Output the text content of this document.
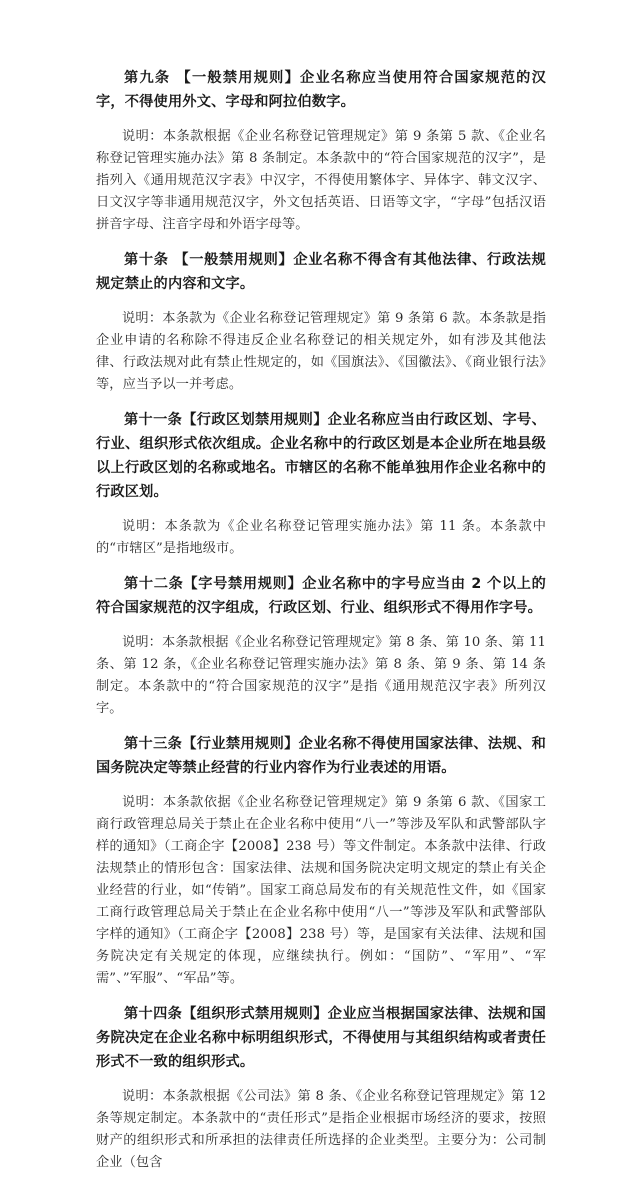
第九条 【一般禁用规则】企业名称应当使用符合国家规范的汉字，不得使用外文、字母和阿拉伯数字。

说明：本条款根据《企业名称登记管理规定》第 9 条第 5 款、《企业名称登记管理实施办法》第 8 条制定。本条款中的“符合国家规范的汉字”，是指列入《通用规范汉字表》中汉字，不得使用繁体字、异体字、韩文汉字、日文汉字等非通用规范汉字，外文包括英语、日语等文字，“字母”包括汉语拼音字母、注音字母和外语字母等。

第十条 【一般禁用规则】企业名称不得含有其他法律、行政法规规定禁止的内容和文字。

说明：本条款为《企业名称登记管理规定》第 9 条第 6 款。本条款是指企业申请的名称除不得违反企业名称登记的相关规定外，如有涉及其他法律、行政法规对此有禁止性规定的，如《国旗法》、《国徽法》、《商业银行法》等，应当予以一并考虑。

第十一条【行政区划禁用规则】企业名称应当由行政区划、字号、行业、组织形式依次组成。企业名称中的行政区划是本企业所在地县级以上行政区划的名称或地名。市辖区的名称不能单独用作企业名称中的行政区划。

说明：本条款为《企业名称登记管理实施办法》第 11 条。本条款中的“市辖区”是指地级市。

第十二条【字号禁用规则】企业名称中的字号应当由 2 个以上的符合国家规范的汉字组成，行政区划、行业、组织形式不得用作字号。

说明：本条款根据《企业名称登记管理规定》第 8 条、第 10 条、第 11 条、第 12 条，《企业名称登记管理实施办法》第 8 条、第 9 条、第 14 条制定。本条款中的“符合国家规范的汉字”是指《通用规范汉字表》所列汉字。

第十三条【行业禁用规则】企业名称不得使用国家法律、法规、和国务院决定等禁止经营的行业内容作为行业表述的用语。

说明：本条款依据《企业名称登记管理规定》第 9 条第 6 款、《国家工商行政管理总局关于禁止在企业名称中使用“八一”等涉及军队和武警部队字样的通知》（工商企字【2008】238 号）等文件制定。本条款中法律、行政法规禁止的情形包含：国家法律、法规和国务院决定明文规定的禁止有关企业经营的行业，如“传销”。国家工商总局发布的有关规范性文件，如《国家工商行政管理总局关于禁止在企业名称中使用“八一”等涉及军队和武警部队字样的通知》（工商企字【2008】238 号）等，是国家有关法律、法规和国务院决定有关规定的体现，应继续执行。例如：“国防”、“军用”、“军需”、”军服”、“军品”等。

第十四条【组织形式禁用规则】企业应当根据国家法律、法规和国务院决定在企业名称中标明组织形式，不得使用与其组织结构或者责任形式不一致的组织形式。

说明：本条款根据《公司法》第 8 条、《企业名称登记管理规定》第 12 条等规定制定。本条款中的“责任形式”是指企业根据市场经济的要求，按照财产的组织形式和所承担的法律责任所选择的企业类型。主要分为：公司制企业（包含
